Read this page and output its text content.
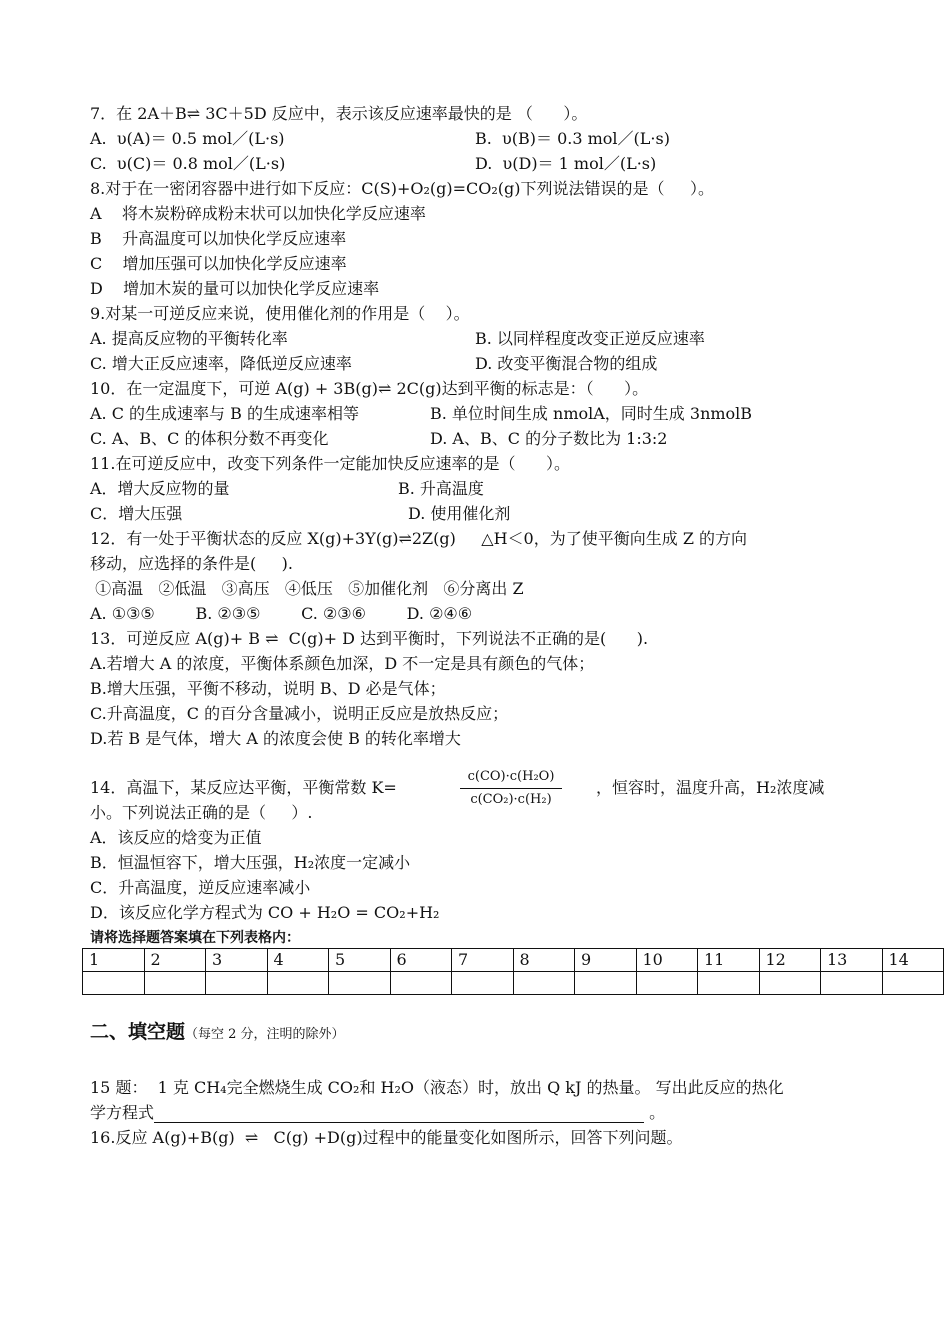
7．在 2A＋B⇌ 3C＋5D 反应中，表示该反应速率最快的是 （      ）。
A.  υ(A)＝ 0.5 mol／(L·s)	B.  υ(B)＝ 0.3 mol／(L·s)
C.  υ(C)＝ 0.8 mol／(L·s)	D.  υ(D)＝ 1 mol／(L·s)
8.对于在一密闭容器中进行如下反应：C(S)+O₂(g)=CO₂(g)下列说法错误的是（     ）。
A    将木炭粉碎成粉末状可以加快化学反应速率
B    升高温度可以加快化学反应速率
C    增加压强可以加快化学反应速率
D    增加木炭的量可以加快化学反应速率
9.对某一可逆反应来说，使用催化剂的作用是（    ）。
A. 提高反应物的平衡转化率	B. 以同样程度改变正逆反应速率
C. 增大正反应速率，降低逆反应速率	D. 改变平衡混合物的组成
10．在一定温度下，可逆 A(g) + 3B(g)⇌ 2C(g)达到平衡的标志是：（      ）。
A. C 的生成速率与 B 的生成速率相等	B. 单位时间生成 nmolA，同时生成 3nmolB
C. A、B、C 的体积分数不再变化	D. A、B、C 的分子数比为 1:3:2
11.在可逆反应中，改变下列条件一定能加快反应速率的是（      ）。
A．增大反应物的量	B. 升高温度
C．增大压强	D. 使用催化剂
12．有一处于平衡状态的反应 X(g)+3Y(g)⇌2Z(g)     △H＜0，为了使平衡向生成 Z 的方向
移动，应选择的条件是(     ).
①高温   ②低温   ③高压   ④低压   ⑤加催化剂   ⑥分离出 Z
A. ①③⑤        B. ②③⑤        C. ②③⑥        D. ②④⑥
13．可逆反应 A(g)+ B ⇌  C(g)+ D 达到平衡时，下列说法不正确的是(      ).
A.若增大 A 的浓度，平衡体系颜色加深，D 不一定是具有颜色的气体；
B.增大压强，平衡不移动，说明 B、D 必是气体；
C.升高温度，C 的百分含量减小，说明正反应是放热反应；
D.若 B 是气体，增大 A 的浓度会使 B 的转化率增大
14．高温下，某反应达平衡，平衡常数 K=	$\frac{\text{c(CO)·c(H₂O)}}{\text{c(CO₂)·c(H₂)}}$ ，恒容时，温度升高，H₂浓度减
小。下列说法正确的是（     ）.
A．该反应的焓变为正值
B．恒温恒容下，增大压强，H₂浓度一定减小
C．升高温度，逆反应速率减小
D．该反应化学方程式为 CO + H₂O = CO₂+H₂
请将选择题答案填在下列表格内：
1	2	3	4	5	6	7	8	9	10	11	12	13	14

二、填空题（每空 2 分，注明的除外）
15 题：  1 克 CH₄完全燃烧生成 CO₂和 H₂O（液态）时，放出 Q kJ 的热量。 写出此反应的热化
学方程式	。
16.反应 A(g)+B(g)  ⇌   C(g) +D(g)过程中的能量变化如图所示，回答下列问题。
